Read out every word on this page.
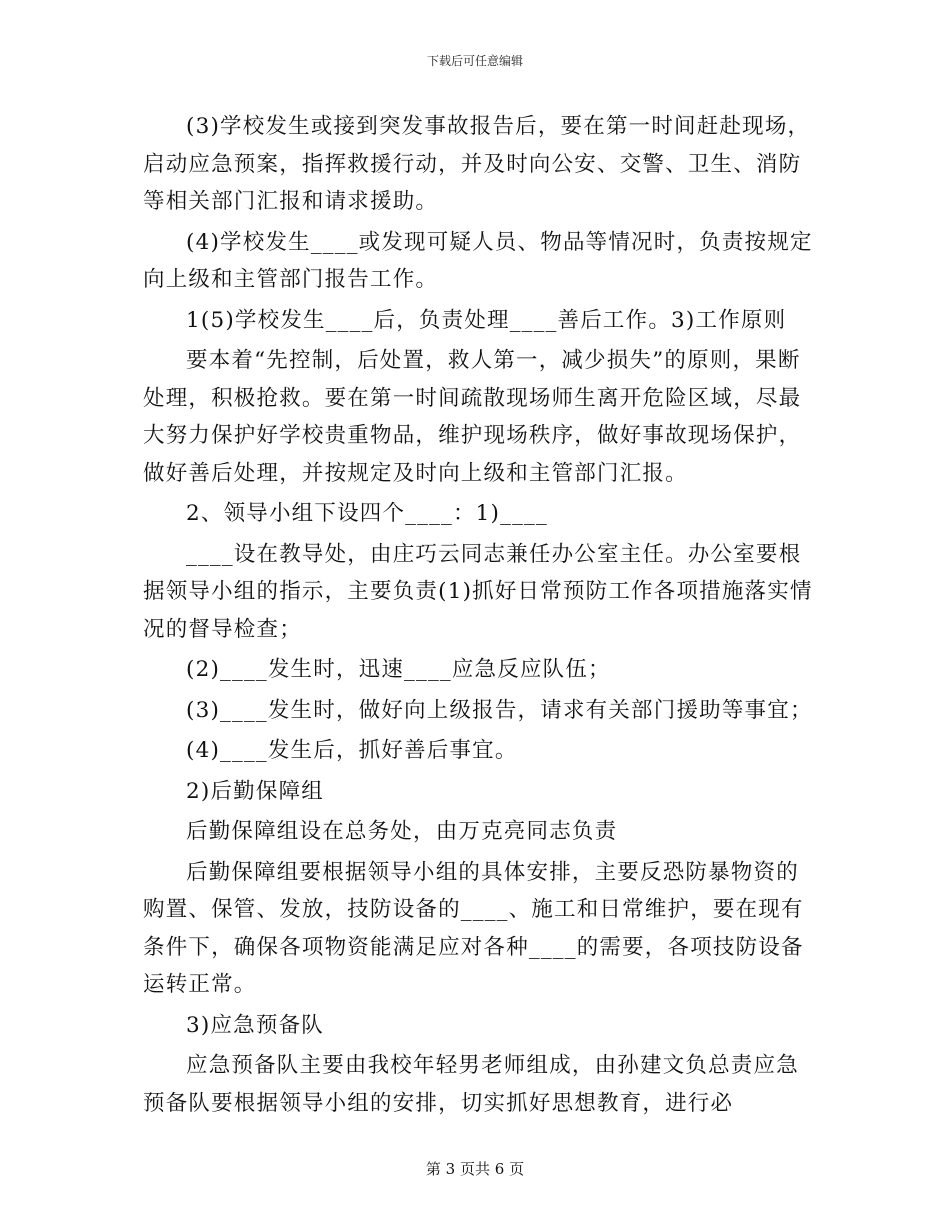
下载后可任意编辑

(3)学校发生或接到突发事故报告后，要在第一时间赶赴现场，启动应急预案，指挥救援行动，并及时向公安、交警、卫生、消防等相关部门汇报和请求援助。

(4)学校发生____或发现可疑人员、物品等情况时，负责按规定向上级和主管部门报告工作。

1(5)学校发生____后，负责处理____善后工作。3)工作原则

要本着“先控制，后处置，救人第一，减少损失”的原则，果断处理，积极抢救。要在第一时间疏散现场师生离开危险区域，尽最大努力保护好学校贵重物品，维护现场秩序，做好事故现场保护，做好善后处理，并按规定及时向上级和主管部门汇报。

2、领导小组下设四个____：1)____

____设在教导处，由庄巧云同志兼任办公室主任。办公室要根据领导小组的指示，主要负责(1)抓好日常预防工作各项措施落实情况的督导检查；

(2)____发生时，迅速____应急反应队伍；

(3)____发生时，做好向上级报告，请求有关部门援助等事宜；

(4)____发生后，抓好善后事宜。

2)后勤保障组

后勤保障组设在总务处，由万克亮同志负责

后勤保障组要根据领导小组的具体安排，主要反恐防暴物资的购置、保管、发放，技防设备的____、施工和日常维护，要在现有条件下，确保各项物资能满足应对各种____的需要，各项技防设备运转正常。

3)应急预备队

应急预备队主要由我校年轻男老师组成，由孙建文负总责应急预备队要根据领导小组的安排，切实抓好思想教育，进行必

第 3 页共 6 页
